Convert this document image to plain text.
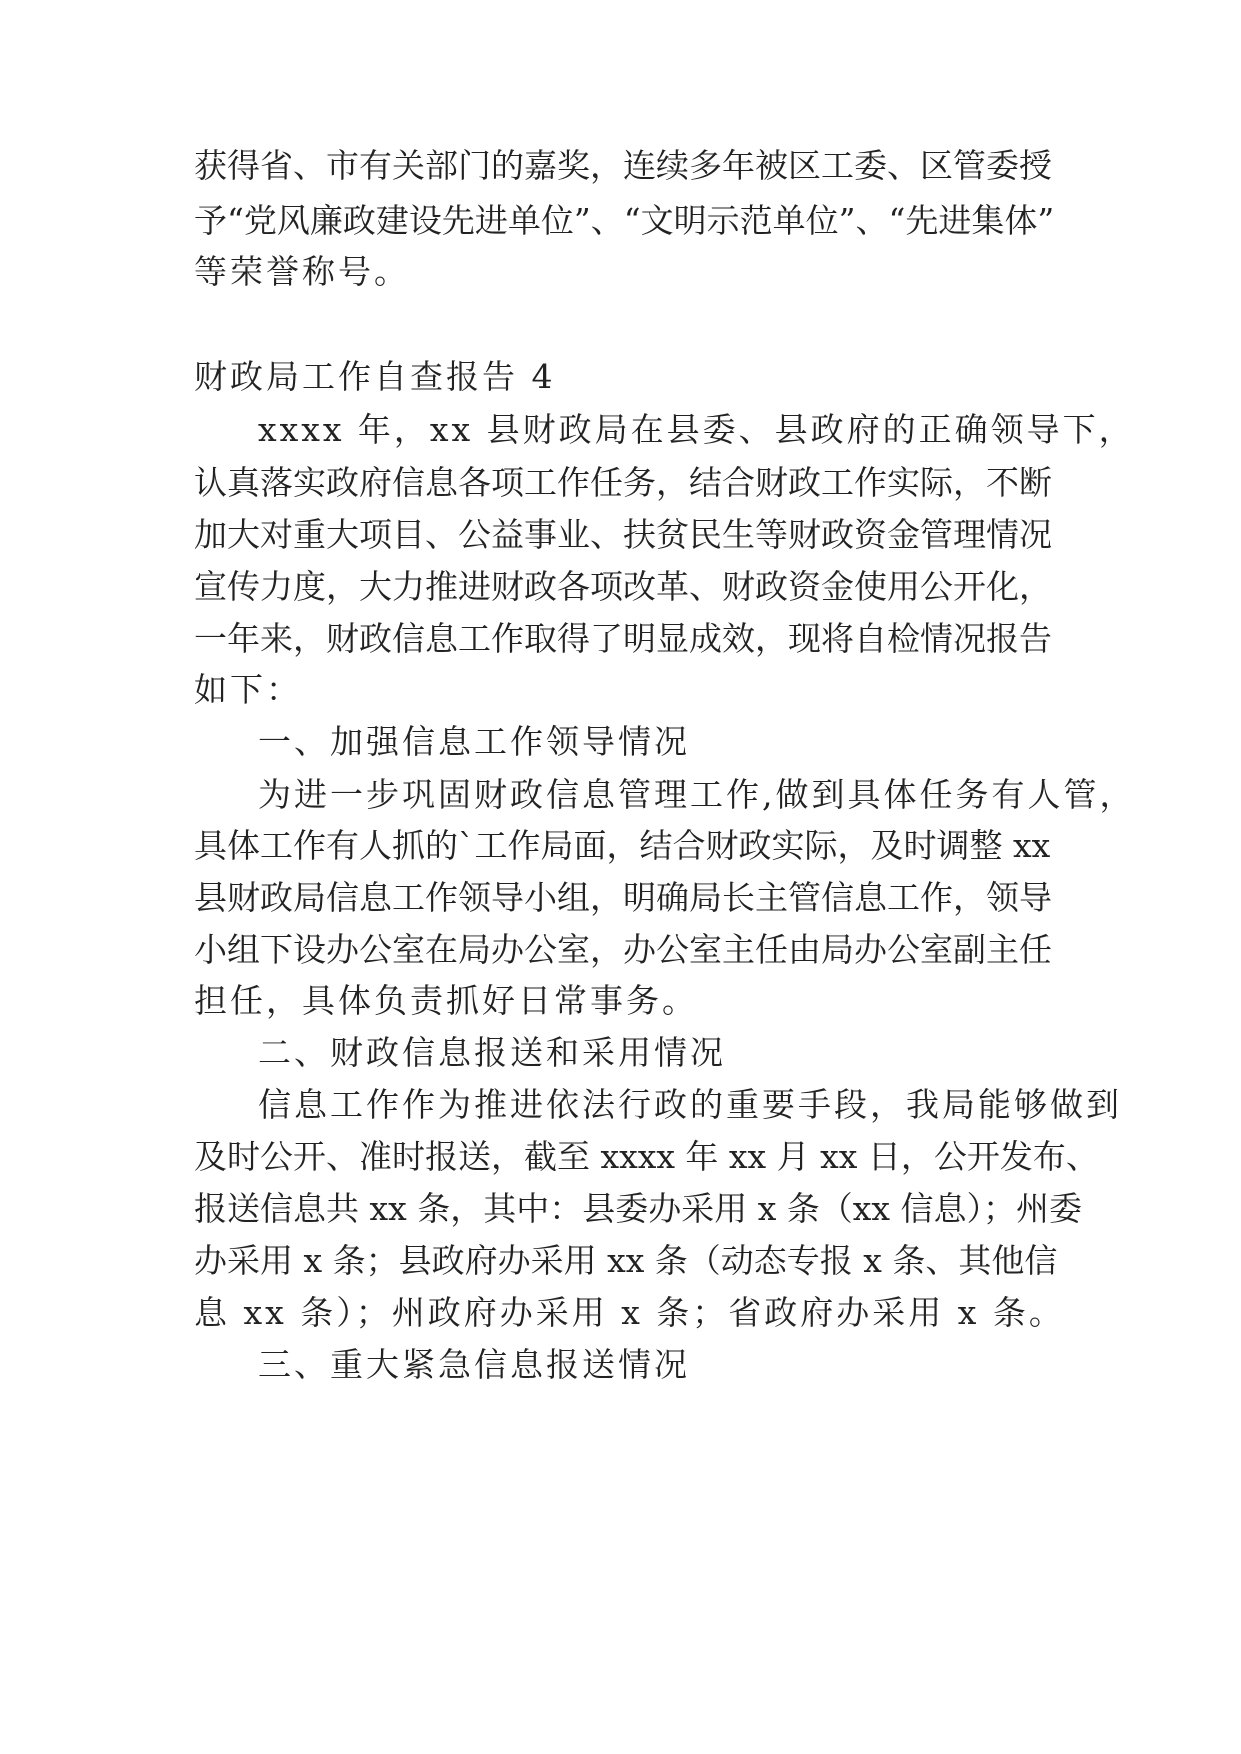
获得省、市有关部门的嘉奖，连续多年被区工委、区管委授
予“党风廉政建设先进单位”、“文明示范单位”、“先进集体”
等荣誉称号。
财政局工作自查报告 4
xxxx 年，xx 县财政局在县委、县政府的正确领导下，
认真落实政府信息各项工作任务，结合财政工作实际，不断
加大对重大项目、公益事业、扶贫民生等财政资金管理情况
宣传力度，大力推进财政各项改革、财政资金使用公开化，
一年来，财政信息工作取得了明显成效，现将自检情况报告
如下：
一、加强信息工作领导情况
为进一步巩固财政信息管理工作,做到具体任务有人管，
具体工作有人抓的`工作局面，结合财政实际，及时调整 xx
县财政局信息工作领导小组，明确局长主管信息工作，领导
小组下设办公室在局办公室，办公室主任由局办公室副主任
担任，具体负责抓好日常事务。
二、财政信息报送和采用情况
信息工作作为推进依法行政的重要手段，我局能够做到
及时公开、准时报送，截至 xxxx 年 xx 月 xx 日，公开发布、
报送信息共 xx 条，其中：县委办采用 x 条（xx 信息）；州委
办采用 x 条；县政府办采用 xx 条（动态专报 x 条、其他信
息 xx 条）；州政府办采用 x 条；省政府办采用 x 条。
三、重大紧急信息报送情况
